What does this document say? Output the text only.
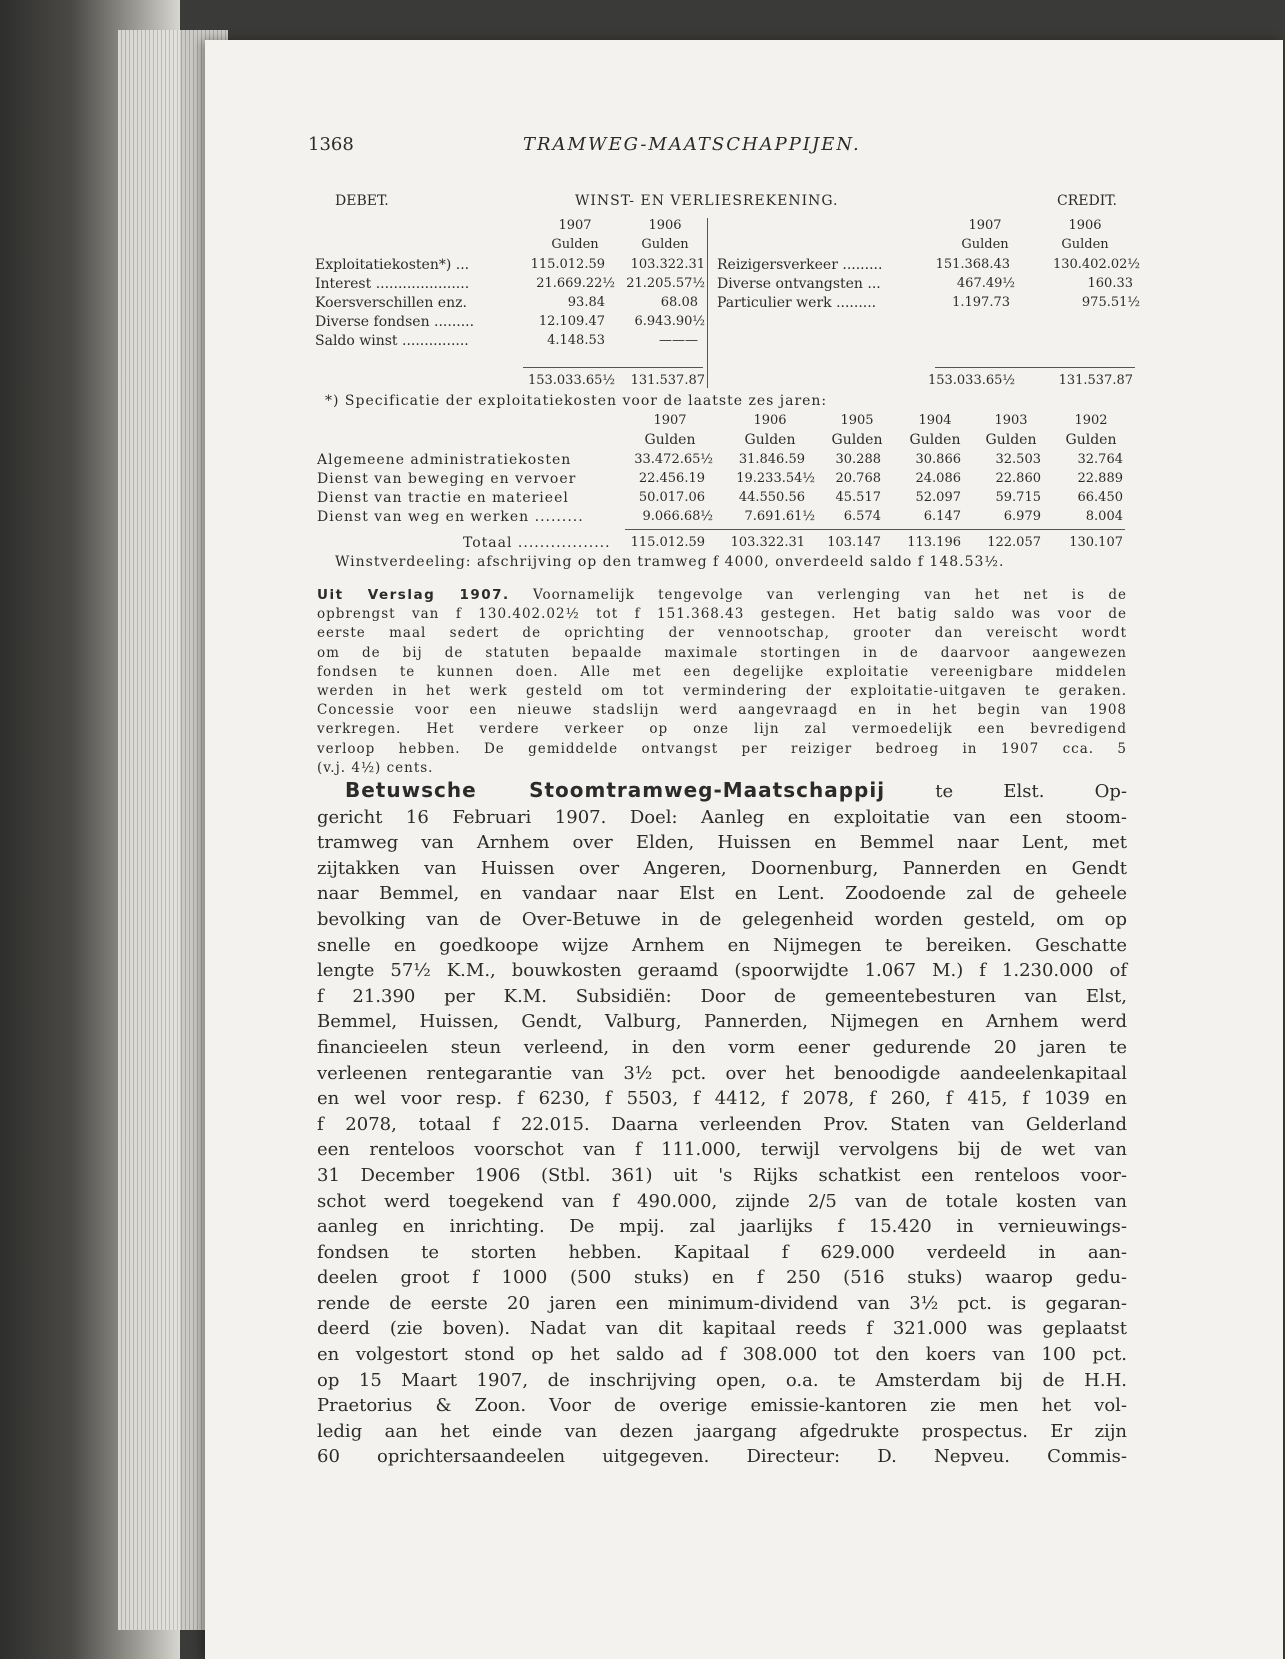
1368	TRAMWEG-MAATSCHAPPIJEN.
DEBET.	WINST- EN VERLIESREKENING.	CREDIT.
1907	1906
Gulden	Gulden
1907	1906
Gulden	Gulden
Exploitatiekosten*) ...	115.012.59	103.322.31
Interest .....................	21.669.22½ 21.205.57½
Koersverschillen enz.	93.84	68.08
Diverse fondsen .........	12.109.47	6.943.90½
Saldo winst ...............	4.148.53	———
Reizigersverkeer .........	151.368.43	130.402.02½
Diverse ontvangsten ...	467.49½	160.33
Particulier werk .........	1.197.73	975.51½
153.033.65½	131.537.87	153.033.65½	131.537.87
*) Specificatie der exploitatiekosten voor de laatste zes jaren:
1907	1906	1905	1904	1903	1902
Gulden	Gulden	Gulden	Gulden	Gulden	Gulden
Algemeene administratiekosten	33.472.65½	31.846.59	30.288	30.866	32.503	32.764
Dienst van beweging en vervoer	22.456.19	19.233.54½	20.768	24.086	22.860	22.889
Dienst van tractie en materieel	50.017.06	44.550.56	45.517	52.097	59.715	66.450
Dienst van weg en werken .........	9.066.68½	7.691.61½	6.574	6.147	6.979	8.004
Totaal .................	115.012.59	103.322.31	103.147	113.196	122.057	130.107
Winstverdeeling: afschrijving op den tramweg f 4000, onverdeeld saldo f 148.53½.
Uit Verslag 1907. Voornamelijk tengevolge van verlenging van het net is de
opbrengst van f 130.402.02½ tot f 151.368.43 gestegen. Het batig saldo was voor de
eerste maal sedert de oprichting der vennootschap, grooter dan vereischt wordt
om de bij de statuten bepaalde maximale stortingen in de daarvoor aangewezen
fondsen te kunnen doen. Alle met een degelijke exploitatie vereenigbare middelen
werden in het werk gesteld om tot vermindering der exploitatie-uitgaven te geraken.
Concessie voor een nieuwe stadslijn werd aangevraagd en in het begin van 1908
verkregen. Het verdere verkeer op onze lijn zal vermoedelijk een bevredigend
verloop hebben. De gemiddelde ontvangst per reiziger bedroeg in 1907 cca. 5
(v.j. 4½) cents.
Betuwsche Stoomtramweg-Maatschappij te Elst. Op-
gericht 16 Februari 1907. Doel: Aanleg en exploitatie van een stoom-
tramweg van Arnhem over Elden, Huissen en Bemmel naar Lent, met
zijtakken van Huissen over Angeren, Doornenburg, Pannerden en Gendt
naar Bemmel, en vandaar naar Elst en Lent. Zoodoende zal de geheele
bevolking van de Over-Betuwe in de gelegenheid worden gesteld, om op
snelle en goedkoope wijze Arnhem en Nijmegen te bereiken. Geschatte
lengte 57½ K.M., bouwkosten geraamd (spoorwijdte 1.067 M.) f 1.230.000 of
f 21.390 per K.M. Subsidiën: Door de gemeentebesturen van Elst,
Bemmel, Huissen, Gendt, Valburg, Pannerden, Nijmegen en Arnhem werd
financieelen steun verleend, in den vorm eener gedurende 20 jaren te
verleenen rentegarantie van 3½ pct. over het benoodigde aandeelenkapitaal
en wel voor resp. f 6230, f 5503, f 4412, f 2078, f 260, f 415, f 1039 en
f 2078, totaal f 22.015. Daarna verleenden Prov. Staten van Gelderland
een renteloos voorschot van f 111.000, terwijl vervolgens bij de wet van
31 December 1906 (Stbl. 361) uit 's Rijks schatkist een renteloos voor-
schot werd toegekend van f 490.000, zijnde 2/5 van de totale kosten van
aanleg en inrichting. De mpij. zal jaarlijks f 15.420 in vernieuwings-
fondsen te storten hebben. Kapitaal f 629.000 verdeeld in aan-
deelen groot f 1000 (500 stuks) en f 250 (516 stuks) waarop gedu-
rende de eerste 20 jaren een minimum-dividend van 3½ pct. is gegaran-
deerd (zie boven). Nadat van dit kapitaal reeds f 321.000 was geplaatst
en volgestort stond op het saldo ad f 308.000 tot den koers van 100 pct.
op 15 Maart 1907, de inschrijving open, o.a. te Amsterdam bij de H.H.
Praetorius & Zoon. Voor de overige emissie-kantoren zie men het vol-
ledig aan het einde van dezen jaargang afgedrukte prospectus. Er zijn
60 oprichtersaandeelen uitgegeven. Directeur: D. Nepveu. Commis-
